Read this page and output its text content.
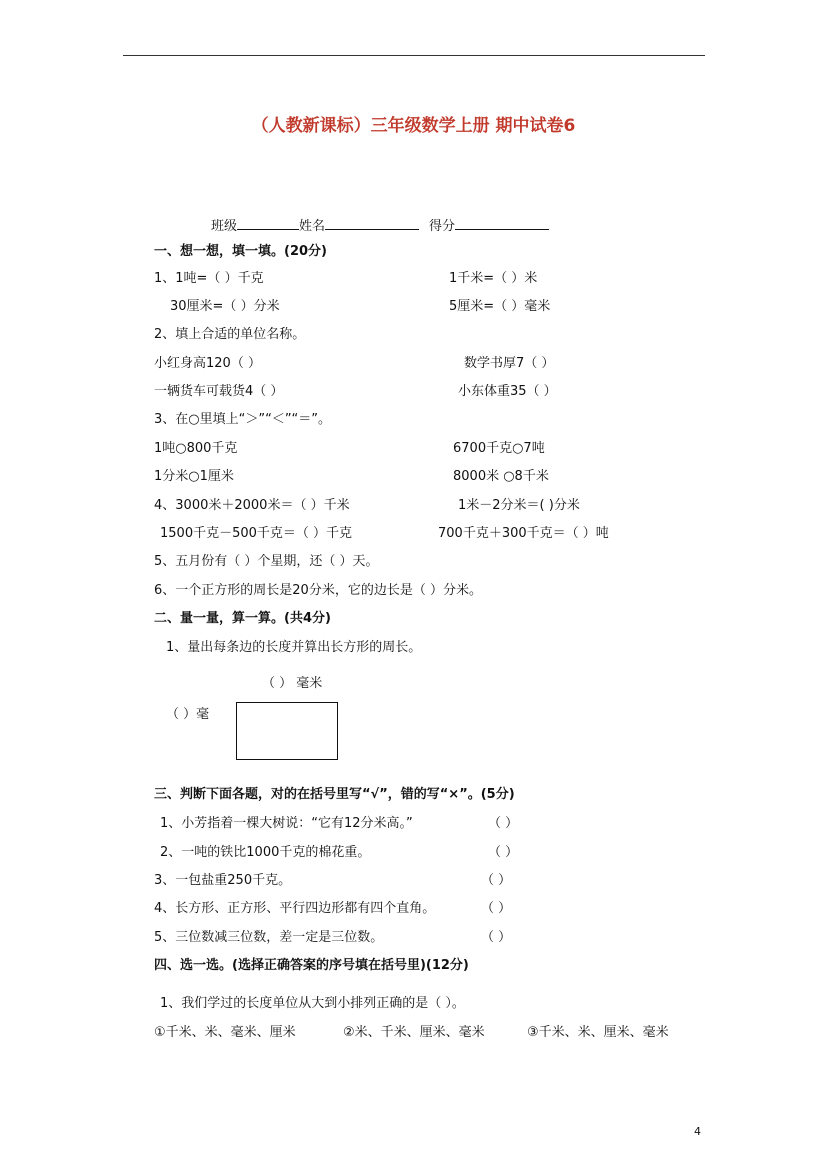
（人教新课标）三年级数学上册 期中试卷6
班级	姓名	得分
一、想一想，填一填。(20分)
1、1吨=（ ）千克	1千米=（ ）米
30厘米=（ ）分米	5厘米=（ ）毫米
2、填上合适的单位名称。
小红身高120（ ）	数学书厚7（ ）
一辆货车可载货4（ ）	小东体重35（ ）
3、在○里填上“＞”“＜”“＝”。
1吨○800千克	6700千克○7吨
1分米○1厘米	8000米 ○8千米
4、3000米＋2000米＝（ ）千米	1米－2分米＝( )分米
1500千克－500千克＝（ ）千克	700千克＋300千克＝（ ）吨
5、五月份有（ ）个星期，还（ ）天。
6、一个正方形的周长是20分米，它的边长是（ ）分米。
二、量一量，算一算。(共4分)
1、量出每条边的长度并算出长方形的周长。
（ ） 毫米
（ ）毫
三、判断下面各题，对的在括号里写“√”，错的写“×”。(5分)
1、小芳指着一棵大树说：“它有12分米高。”	（ ）
2、一吨的铁比1000千克的棉花重。	（ ）
3、一包盐重250千克。	（ ）
4、长方形、正方形、平行四边形都有四个直角。	（ ）
5、三位数减三位数，差一定是三位数。	（ ）
四、选一选。(选择正确答案的序号填在括号里)(12分)
1、我们学过的长度单位从大到小排列正确的是（ ）。
①千米、米、毫米、厘米	②米、千米、厘米、毫米	③千米、米、厘米、毫米
4
